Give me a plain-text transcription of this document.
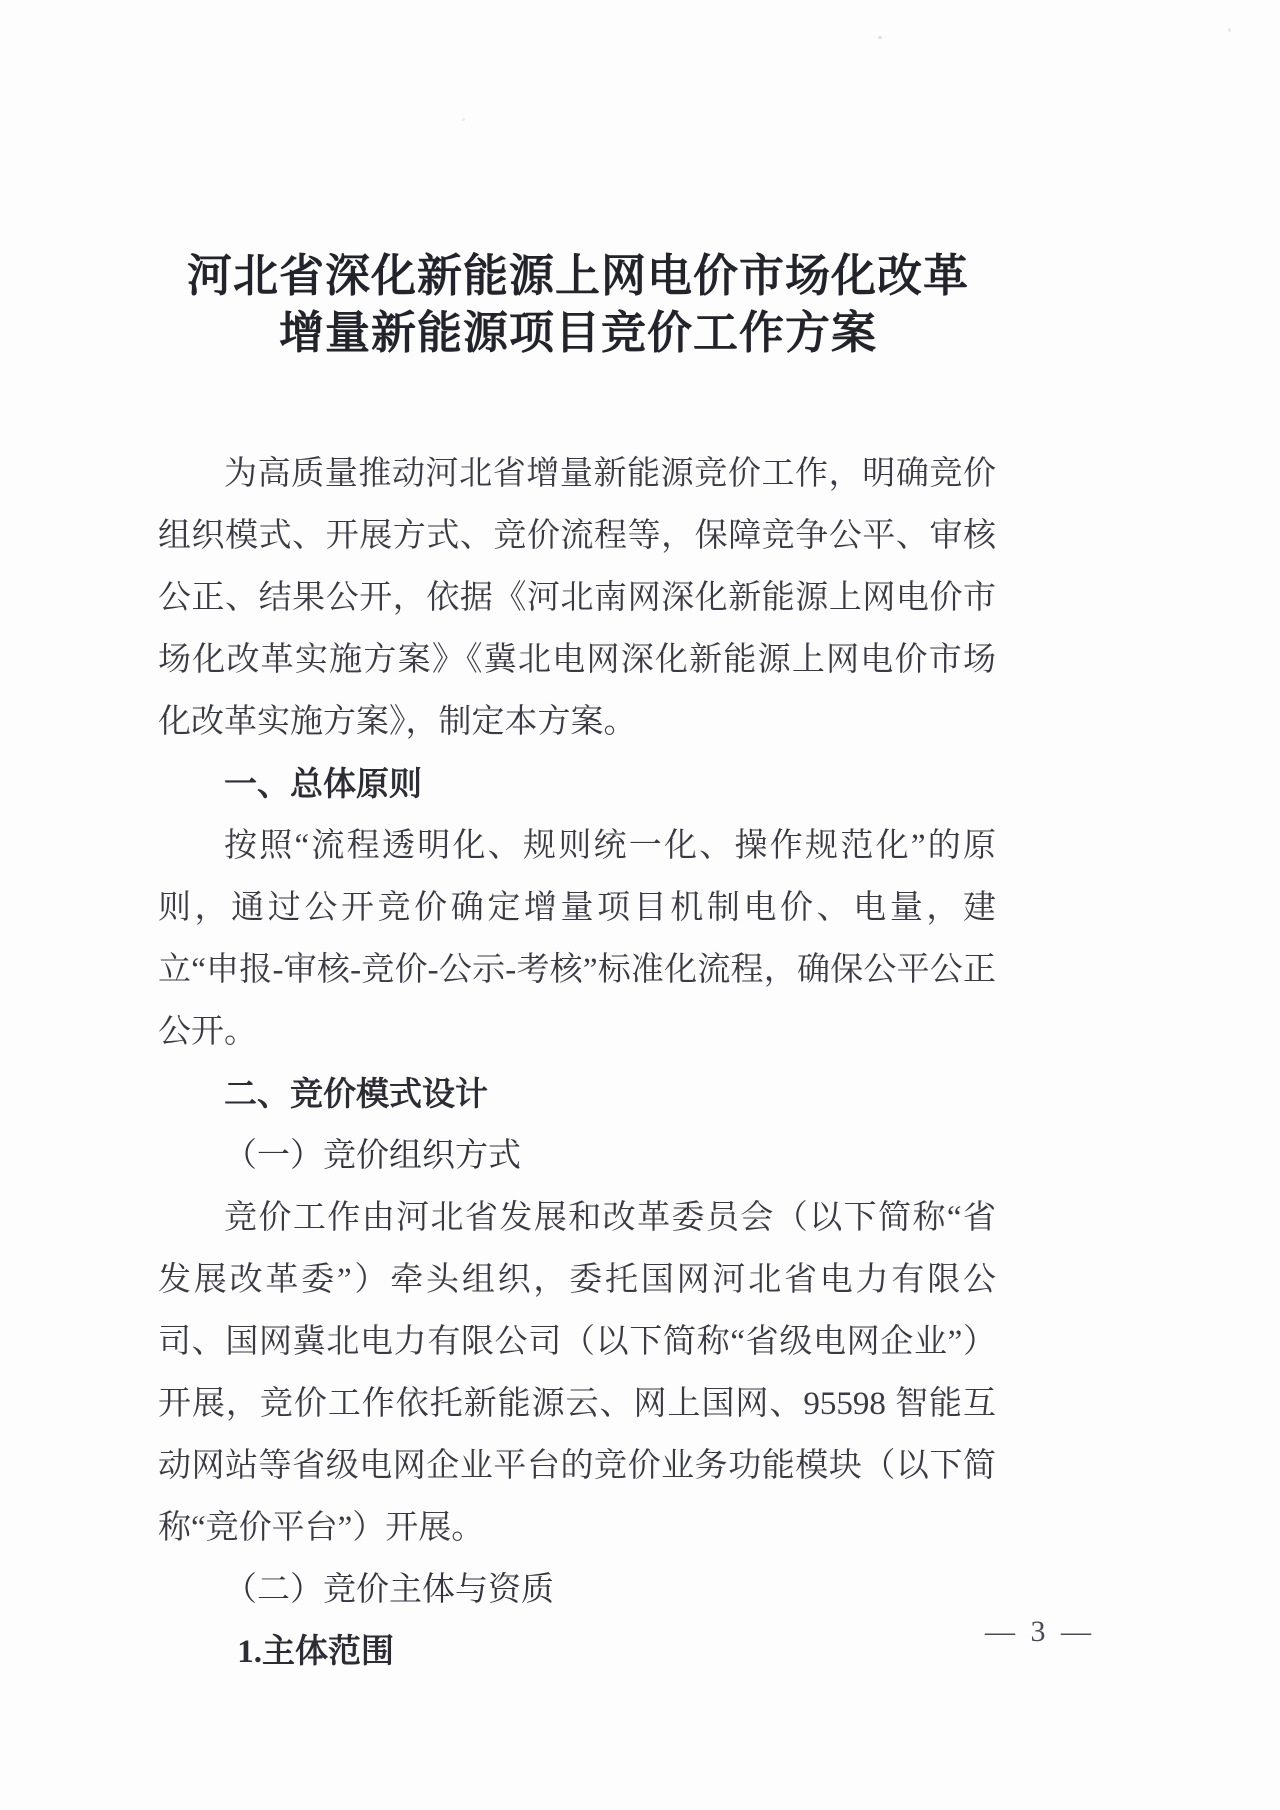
河北省深化新能源上网电价市场化改革
增量新能源项目竞价工作方案

为高质量推动河北省增量新能源竞价工作，明确竞价组织模式、开展方式、竞价流程等，保障竞争公平、审核公正、结果公开，依据《河北南网深化新能源上网电价市场化改革实施方案》《冀北电网深化新能源上网电价市场化改革实施方案》，制定本方案。

一、总体原则

按照“流程透明化、规则统一化、操作规范化”的原则，通过公开竞价确定增量项目机制电价、电量，建立“申报-审核-竞价-公示-考核”标准化流程，确保公平公正公开。

二、竞价模式设计
（一）竞价组织方式

竞价工作由河北省发展和改革委员会（以下简称“省发展改革委”）牵头组织，委托国网河北省电力有限公司、国网冀北电力有限公司（以下简称“省级电网企业”）开展，竞价工作依托新能源云、网上国网、95598 智能互动网站等省级电网企业平台的竞价业务功能模块（以下简称“竞价平台”）开展。

（二）竞价主体与资质
1.主体范围
— 3 —
